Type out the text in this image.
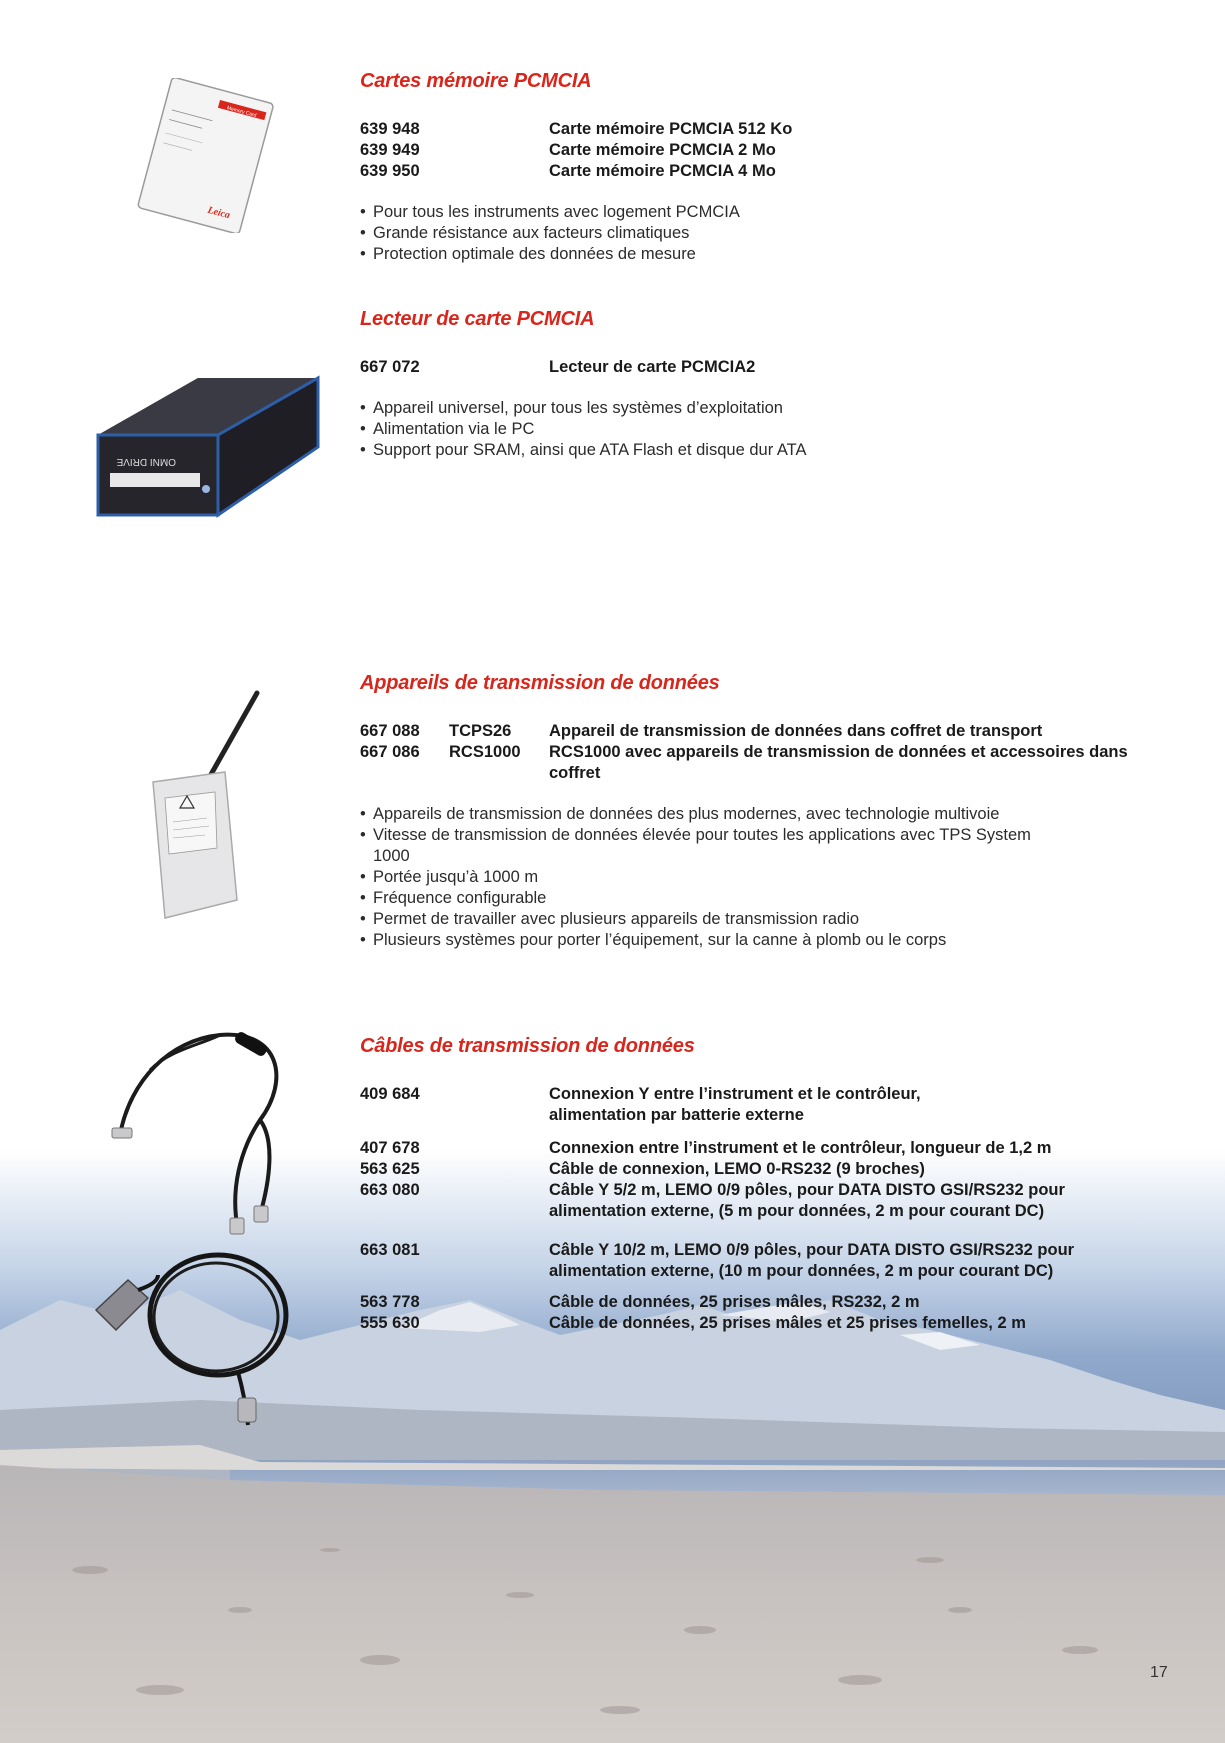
Memory Card
Leica
OMNI DRIVE
Cartes mémoire PCMCIA
639 948	Carte mémoire PCMCIA 512 Ko
639 949	Carte mémoire PCMCIA 2 Mo
639 950	Carte mémoire PCMCIA 4 Mo
• Pour tous les instruments avec logement PCMCIA
• Grande résistance aux facteurs climatiques
• Protection optimale des données de mesure
Lecteur de carte PCMCIA
667 072	Lecteur de carte PCMCIA2
• Appareil universel, pour tous les systèmes d’exploitation
• Alimentation via le PC
• Support pour SRAM, ainsi que ATA Flash et disque dur ATA
Appareils de transmission de données
667 088	TCPS26	Appareil de transmission de données dans coffret de transport
667 086	RCS1000	RCS1000 avec appareils de transmission de données et accessoires dans coffret
• Appareils de transmission de données des plus modernes, avec technologie multivoie
• Vitesse de transmission de données élevée pour toutes les applications avec TPS System 1000
• Portée jusqu’à 1000 m
• Fréquence configurable
• Permet de travailler avec plusieurs appareils de transmission radio
• Plusieurs systèmes pour porter l’équipement, sur la canne à plomb ou le corps
Câbles de transmission de données
409 684	Connexion Y entre l’instrument et le contrôleur, alimentation par batterie externe
407 678	Connexion entre l’instrument et le contrôleur, longueur de 1,2 m
563 625	Câble de connexion, LEMO 0-RS232 (9 broches)
663 080	Câble Y 5/2 m, LEMO 0/9 pôles, pour DATA DISTO GSI/RS232 pour alimentation externe, (5 m pour données, 2 m pour courant DC)
663 081	Câble Y 10/2 m, LEMO 0/9 pôles, pour DATA DISTO GSI/RS232 pour alimentation externe, (10 m pour données, 2 m pour courant DC)
563 778	Câble de données, 25 prises mâles, RS232, 2 m
555 630	Câble de données, 25 prises mâles et 25 prises femelles, 2 m
17
